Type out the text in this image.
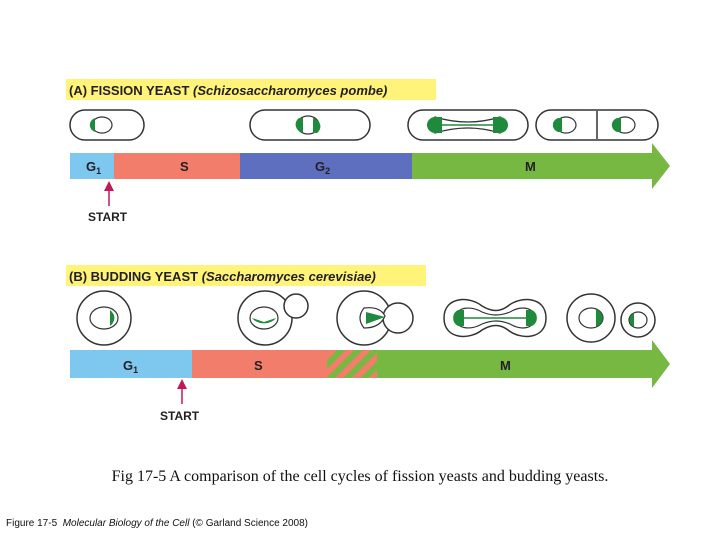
(A) FISSION YEAST (Schizosaccharomyces pombe)
$G_1$	S	$G_2$	M
START
(B) BUDDING YEAST (Saccharomyces cerevisiae)
$G_1$	S	M
START
Fig 17-5 A comparison of the cell cycles of fission yeasts and budding yeasts.
Figure 17-5 Molecular Biology of the Cell (© Garland Science 2008)
